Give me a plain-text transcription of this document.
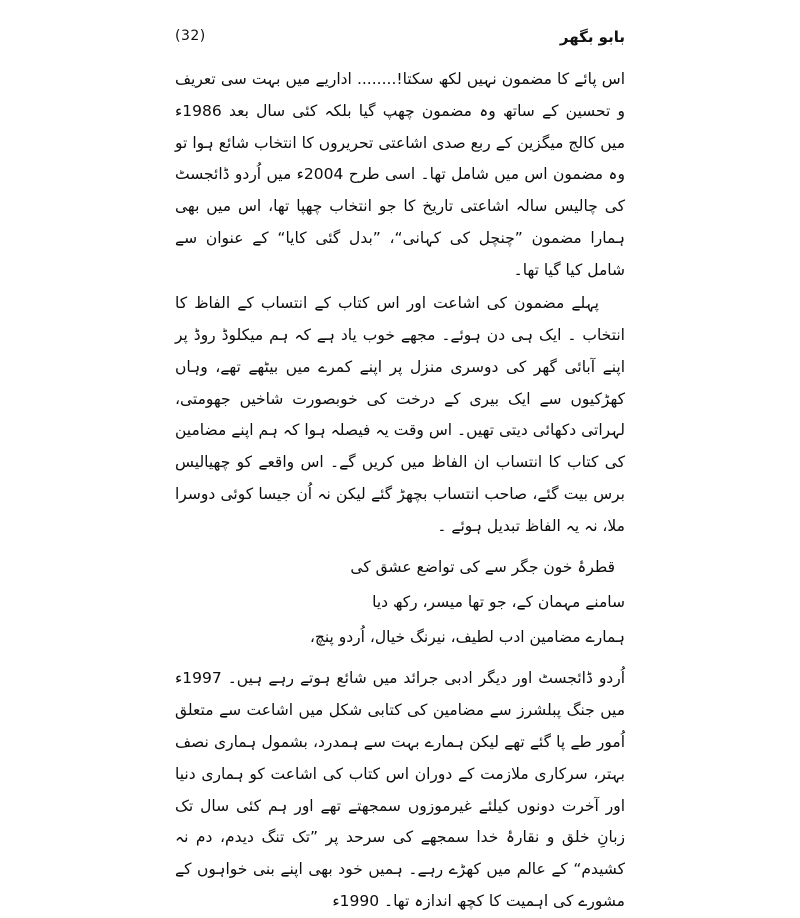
(32)	بابو بگھر

اس پائے کا مضمون نہیں لکھ سکتا!........ اداریے میں بہت سی تعریف و تحسین کے ساتھ وہ مضمون چھپ گیا بلکہ کئی سال بعد 1986ء میں کالج میگزین کے ربع صدی اشاعتی تحریروں کا انتخاب شائع ہوا تو وہ مضمون اس میں شامل تھا۔ اسی طرح 2004ء میں اُردو ڈائجسٹ کی چالیس سالہ اشاعتی تاریخ کا جو انتخاب چھپا تھا، اس میں بھی ہمارا مضمون ”چنچل کی کہانی“، ”بدل گئی کایا“ کے عنوان سے شامل کیا گیا تھا۔

پہلے مضمون کی اشاعت اور اس کتاب کے انتساب کے الفاظ کا انتخاب ۔ ایک ہی دن ہوئے۔ مجھے خوب یاد ہے کہ ہم میکلوڈ روڈ پر اپنے آبائی گھر کی دوسری منزل پر اپنے کمرے میں بیٹھے تھے، وہاں کھڑکیوں سے ایک بیری کے درخت کی خوبصورت شاخیں جھومتی، لہراتی دکھائی دیتی تھیں۔ اس وقت یہ فیصلہ ہوا کہ ہم اپنے مضامین کی کتاب کا انتساب ان الفاظ میں کریں گے۔ اس واقعے کو چھیالیس برس بیت گئے، صاحب انتساب بچھڑ گئے لیکن نہ اُن جیسا کوئی دوسرا ملا، نہ یہ الفاظ تبدیل ہوئے ۔

قطرۂ خون جگر سے کی تواضع عشق کی
سامنے مہمان کے، جو تھا میسر، رکھ دیا
ہمارے مضامین ادب لطیف، نیرنگ خیال، اُردو پنچ،

اُردو ڈائجسٹ اور دیگر ادبی جرائد میں شائع ہوتے رہے ہیں۔ 1997ء میں جنگ پبلشرز سے مضامین کی کتابی شکل میں اشاعت سے متعلق اُمور طے پا گئے تھے لیکن ہمارے بہت سے ہمدرد، بشمول ہماری نصف بہتر، سرکاری ملازمت کے دوران اس کتاب کی اشاعت کو ہماری دنیا اور آخرت دونوں کیلئے غیرموزوں سمجھتے تھے اور ہم کئی سال تک زبانِ خلق و نقارۂ خدا سمجھے کی سرحد پر ”تک تنگ دیدم، دم نہ کشیدم“ کے عالم میں کھڑے رہے۔ ہمیں خود بھی اپنے بنی خواہوں کے مشورے کی اہمیت کا کچھ اندازہ تھا۔ 1990ء
